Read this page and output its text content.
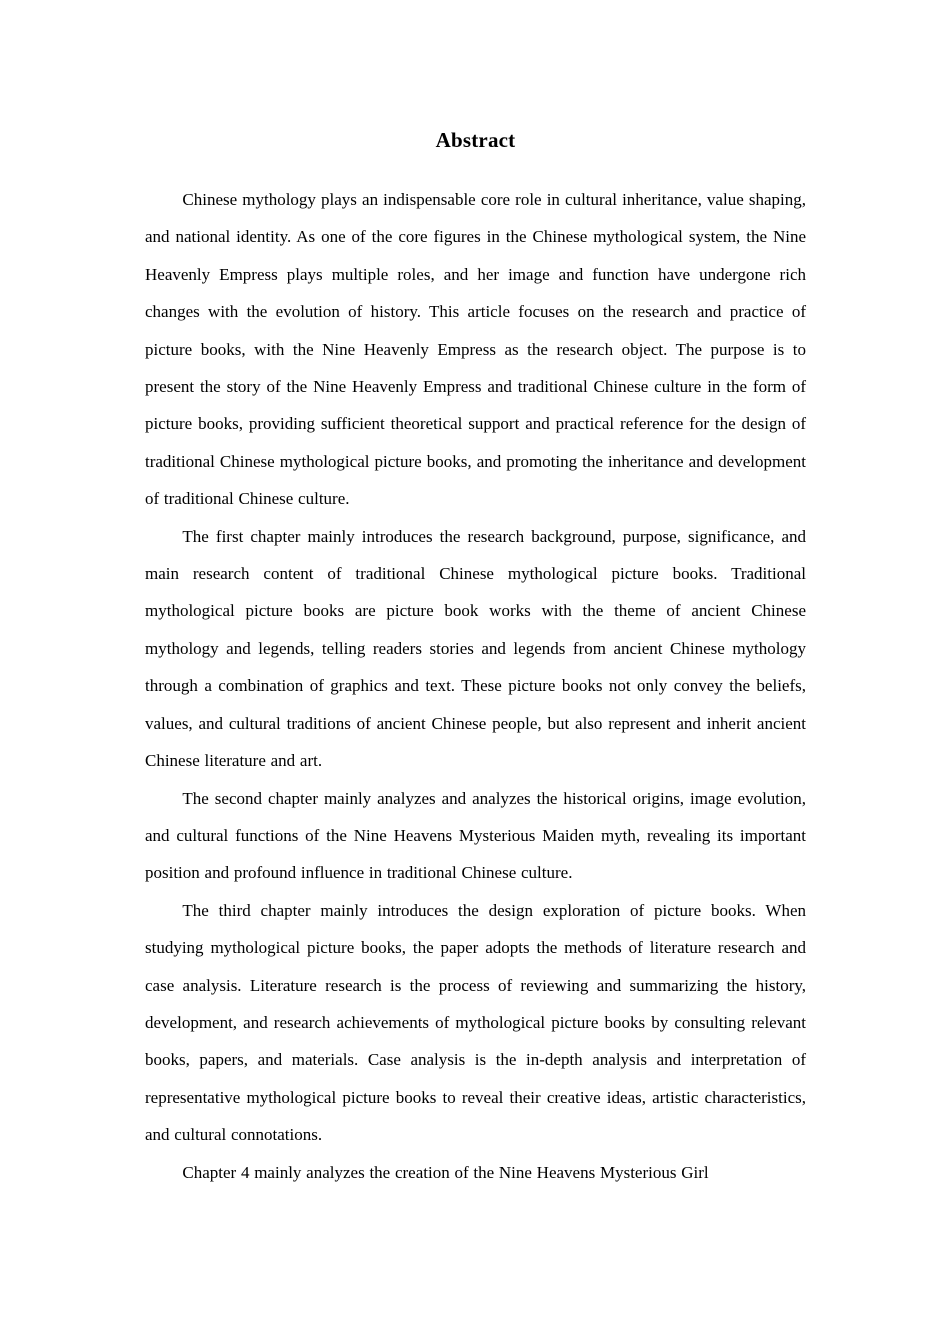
Abstract

Chinese mythology plays an indispensable core role in cultural inheritance, value shaping, and national identity. As one of the core figures in the Chinese mythological system, the Nine Heavenly Empress plays multiple roles, and her image and function have undergone rich changes with the evolution of history. This article focuses on the research and practice of picture books, with the Nine Heavenly Empress as the research object. The purpose is to present the story of the Nine Heavenly Empress and traditional Chinese culture in the form of picture books, providing sufficient theoretical support and practical reference for the design of traditional Chinese mythological picture books, and promoting the inheritance and development of traditional Chinese culture.

The first chapter mainly introduces the research background, purpose, significance, and main research content of traditional Chinese mythological picture books. Traditional mythological picture books are picture book works with the theme of ancient Chinese mythology and legends, telling readers stories and legends from ancient Chinese mythology through a combination of graphics and text. These picture books not only convey the beliefs, values, and cultural traditions of ancient Chinese people, but also represent and inherit ancient Chinese literature and art.

The second chapter mainly analyzes and analyzes the historical origins, image evolution, and cultural functions of the Nine Heavens Mysterious Maiden myth, revealing its important position and profound influence in traditional Chinese culture.

The third chapter mainly introduces the design exploration of picture books. When studying mythological picture books, the paper adopts the methods of literature research and case analysis. Literature research is the process of reviewing and summarizing the history, development, and research achievements of mythological picture books by consulting relevant books, papers, and materials. Case analysis is the in-depth analysis and interpretation of representative mythological picture books to reveal their creative ideas, artistic characteristics, and cultural connotations.

Chapter 4 mainly analyzes the creation of the Nine Heavens Mysterious Girl
